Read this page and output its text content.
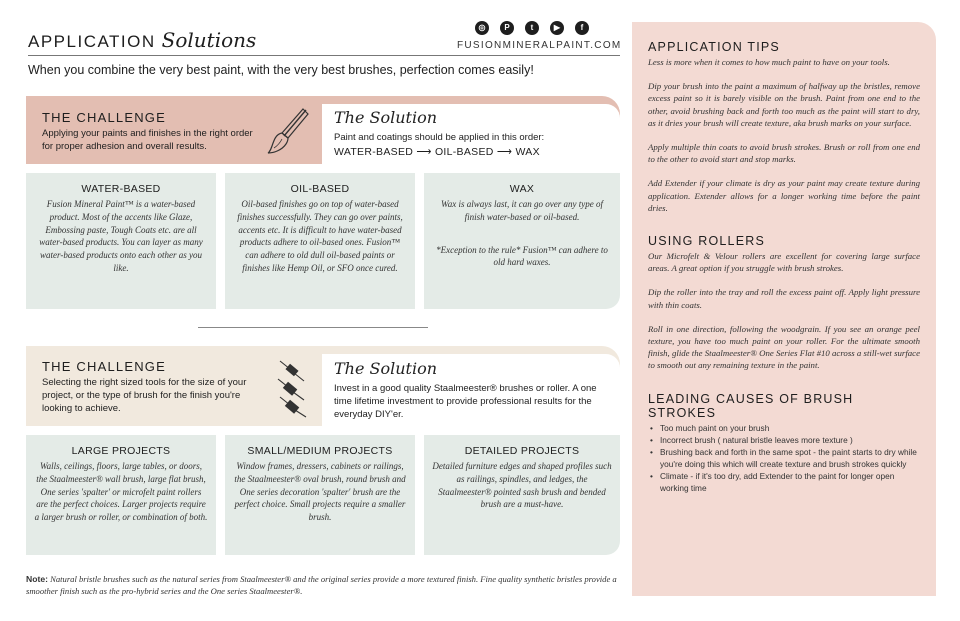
APPLICATION Solutions
◎	P	t	▶	f
FUSIONMINERALPAINT.COM
When you combine the very best paint, with the very best brushes, perfection comes easily!
THE CHALLENGE
Applying your paints and finishes in the right order for proper adhesion and overall results.
The Solution
Paint and coatings should be applied in this order:
WATER-BASED ⟶ OIL-BASED ⟶ WAX
WATER-BASED

Fusion Mineral Paint™ is a water-based product. Most of the accents like Glaze, Embossing paste, Tough Coats etc. are all water-based products. You can layer as many water-based products onto each other as you like.

OIL-BASED

Oil-based finishes go on top of water-based finishes successfully. They can go over paints, accents etc. It is difficult to have water-based products adhere to oil-based ones. Fusion™ can adhere to old dull oil-based paints or finishes like Hemp Oil, or SFO once cured.

WAX

Wax is always last, it can go over any type of finish water-based or oil-based.

*Exception to the rule* Fusion™ can adhere to old hard waxes.

THE CHALLENGE
Selecting the right sized tools for the size of your project, or the type of brush for the finish you're looking to achieve.
The Solution
Invest in a good quality Staalmeester® brushes or roller. A one time lifetime investment to provide professional results for the everyday DIY'er.
LARGE PROJECTS

Walls, ceilings, floors, large tables, or doors, the Staalmeester® wall brush, large flat brush, One series 'spalter' or microfelt paint rollers are the perfect choices. Larger projects require a larger brush or roller, or combination of both.

SMALL/MEDIUM PROJECTS

Window frames, dressers, cabinets or railings, the Staalmeester® oval brush, round brush and One series decoration 'spalter' brush are the perfect choice. Small projects require a smaller brush.

DETAILED PROJECTS

Detailed furniture edges and shaped profiles such as railings, spindles, and ledges, the Staalmeester® pointed sash brush and bended brush are a must-have.

Note: Natural bristle brushes such as the natural series from Staalmeester® and the original series provide a more textured finish. Fine quality synthetic bristles provide a smoother finish such as the pro-hybrid series and the One series Staalmeester®.
APPLICATION TIPS
Less is more when it comes to how much paint to have on your tools.
Dip your brush into the paint a maximum of halfway up the bristles, remove excess paint so it is barely visible on the brush. Paint from one end to the other, avoid brushing back and forth too much as the paint will start to dry, as it dries your brush will create texture, aka brush marks on your surface.
Apply multiple thin coats to avoid brush strokes. Brush or roll from one end to the other to avoid start and stop marks.
Add Extender if your climate is dry as your paint may create texture during application. Extender allows for a longer working time before the paint dries.
USING ROLLERS
Our Microfelt & Velour rollers are excellent for covering large surface areas. A great option if you struggle with brush strokes.
Dip the roller into the tray and roll the excess paint off. Apply light pressure with thin coats.
Roll in one direction, following the woodgrain. If you see an orange peel texture, you have too much paint on your roller. For the ultimate smooth finish, glide the Staalmeester® One Series Flat #10 across a still-wet surface to smooth out any remaining texture in the paint.
LEADING CAUSES OF BRUSH STROKES
• Too much paint on your brush
• Incorrect brush ( natural bristle leaves more texture )
• Brushing back and forth in the same spot - the paint starts to dry while you're doing this which will create texture and brush strokes quickly
• Climate - if it's too dry, add Extender to the paint for longer open working time
